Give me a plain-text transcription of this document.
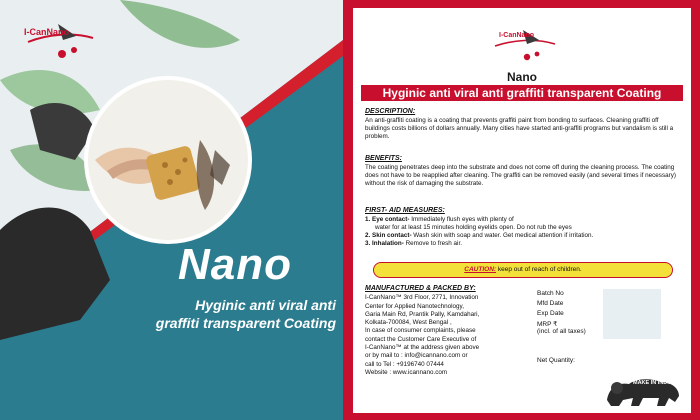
I-CanNano
Nano
Hyginic anti viral anti
graffiti transparent Coating
I-CanNano
Nano
Hyginic anti viral anti graffiti transparent Coating
DESCRIPTION:
An anti-graffiti coating is a coating that prevents graffiti paint from bonding to surfaces. Cleaning graffiti off buildings costs billions of dollars annually. Many cities have started anti-graffiti programs but vandalism is still a problem.
BENEFITS:
The coating penetrates deep into the substrate and does not come off during the cleaning process. The coating does not have to be reapplied after cleaning. The graffiti can be removed easily (and several times if necessary) without the risk of damaging the substrate.
FIRST- AID MEASURES:
1. Eye contact- Immediately flush eyes with plenty of
water for at least 15 minutes holding eyelids open. Do not rub the eyes
2. Skin contact- Wash skin with soap and water. Get medical attention if irritation.
3. Inhalation- Remove to fresh air.
CAUTION: keep out of reach of children.
MANUFACTURED & PACKED BY:
I-CanNano™ 3rd Floor, 2771, Innovation
Center for Applied Nanotechnology,
Garia Main Rd, Prantik Pally, Kamdahari,
Kolkata-700084, West Bengal ,
In case of consumer complaints, please
contact the Customer Care Executive of
I-CanNano™ at the address given above
or by mail to : info@icannano.com or
call to Tel : +9196740 07444
Website : www.icannano.com
Batch No
Mfd Date
Exp Date
MRP ₹
(incl. of all taxes)
Net Quantity:
MAKE IN INDIA
